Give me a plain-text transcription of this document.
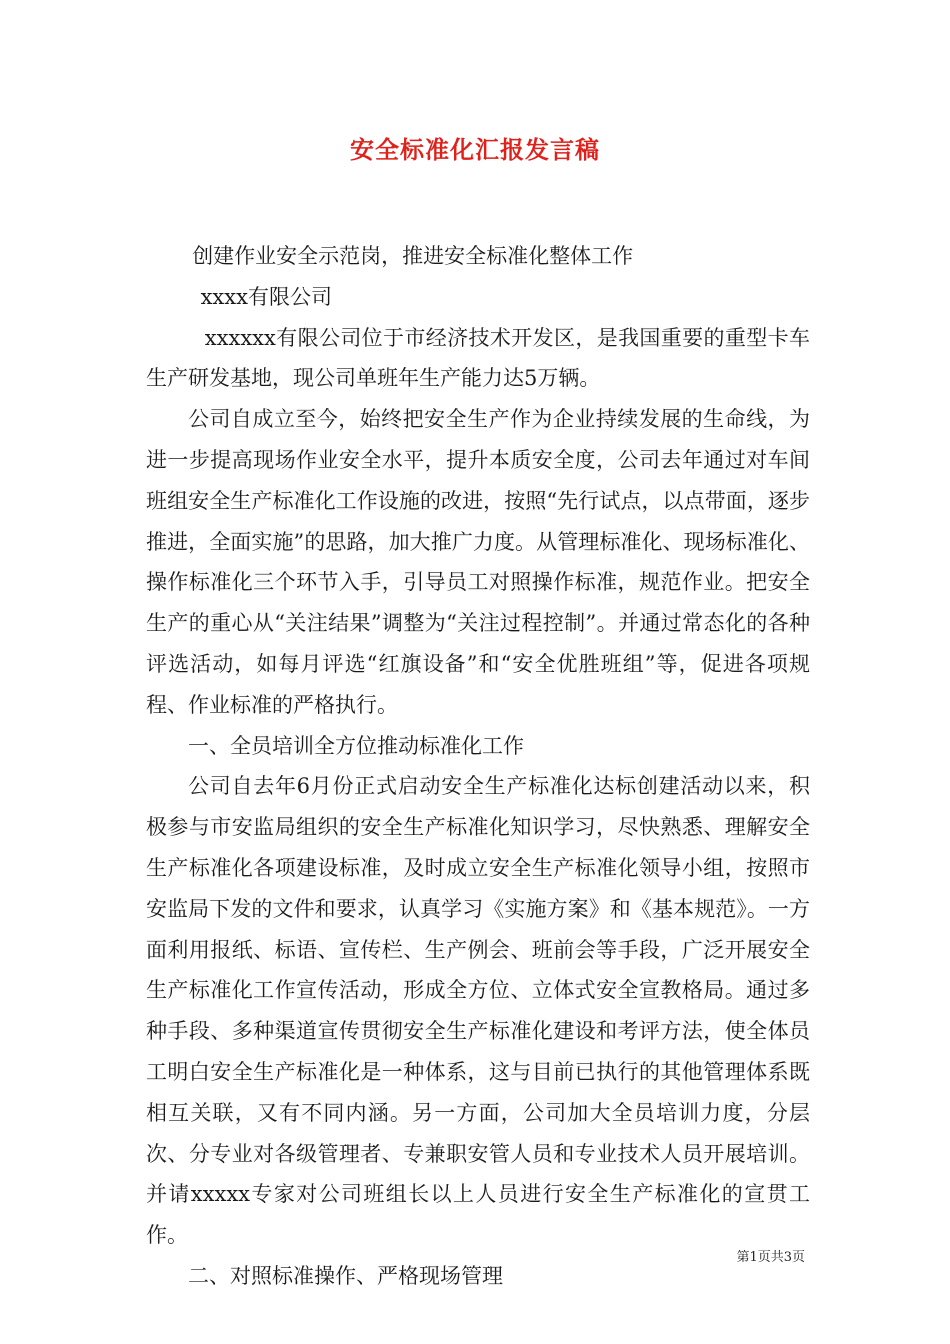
安全标准化汇报发言稿

创建作业安全示范岗，推进安全标准化整体工作

xxxx有限公司

xxxxxx有限公司位于市经济技术开发区，是我国重要的重型卡车生产研发基地，现公司单班年生产能力达5万辆。

公司自成立至今，始终把安全生产作为企业持续发展的生命线，为进一步提高现场作业安全水平，提升本质安全度，公司去年通过对车间班组安全生产标准化工作设施的改进，按照“先行试点，以点带面，逐步推进，全面实施”的思路，加大推广力度。从管理标准化、现场标准化、操作标准化三个环节入手，引导员工对照操作标准，规范作业。把安全生产的重心从“关注结果”调整为“关注过程控制”。并通过常态化的各种评选活动，如每月评选“红旗设备”和“安全优胜班组”等，促进各项规程、作业标准的严格执行。

一、全员培训全方位推动标准化工作

公司自去年6月份正式启动安全生产标准化达标创建活动以来，积极参与市安监局组织的安全生产标准化知识学习，尽快熟悉、理解安全生产标准化各项建设标准，及时成立安全生产标准化领导小组，按照市安监局下发的文件和要求，认真学习《实施方案》和《基本规范》。一方面利用报纸、标语、宣传栏、生产例会、班前会等手段，广泛开展安全生产标准化工作宣传活动，形成全方位、立体式安全宣教格局。通过多种手段、多种渠道宣传贯彻安全生产标准化建设和考评方法，使全体员工明白安全生产标准化是一种体系，这与目前已执行的其他管理体系既相互关联，又有不同内涵。另一方面，公司加大全员培训力度，分层次、分专业对各级管理者、专兼职安管人员和专业技术人员开展培训。并请xxxxx专家对公司班组长以上人员进行安全生产标准化的宣贯工作。

二、对照标准操作、严格现场管理

第1页共3页
